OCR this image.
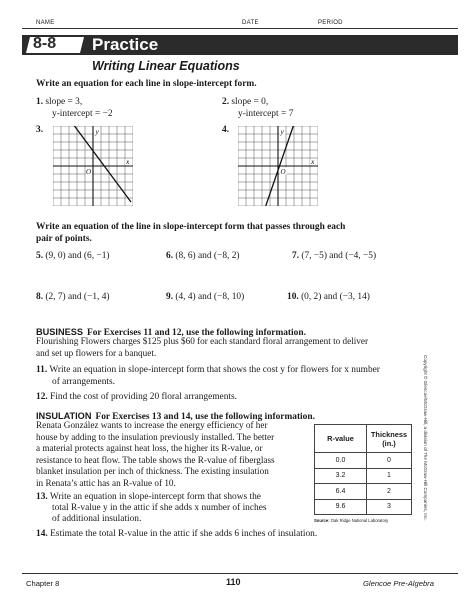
NAME	DATE	PERIOD
8-8 Practice
Writing Linear Equations
Write an equation for each line in slope-intercept form.
1. slope = 3,
y-intercept = −2
2. slope = 0,
y-intercept = 7
3.	4.
y
x
O
y
x
O
Write an equation of the line in slope-intercept form that passes through each
pair of points.
5. (9, 0) and (6, −1)	6. (8, 6) and (−8, 2)	7. (7, −5) and (−4, −5)
8. (2, 7) and (−1, 4)	9. (4, 4) and (−8, 10)	10. (0, 2) and (−3, 14)
BUSINESS For Exercises 11 and 12, use the following information.
Flourishing Flowers charges $125 plus $60 for each standard floral arrangement to deliver
and set up flowers for a banquet.
11. Write an equation in slope-intercept form that shows the cost y for flowers for x number
of arrangements.
12. Find the cost of providing 20 floral arrangements.
INSULATION For Exercises 13 and 14, use the following information.
Renata González wants to increase the energy efficiency of her
house by adding to the insulation previously installed. The better
a material protects against heat loss, the higher its R-value, or
resistance to heat flow. The table shows the R-value of fiberglass
blanket insulation per inch of thickness. The existing insulation
in Renata’s attic has an R-value of 10.
13. Write an equation in slope-intercept form that shows the
total R-value y in the attic if she adds x number of inches
of additional insulation.
14. Estimate the total R-value in the attic if she adds 6 inches of insulation.
R-value	Thickness
(in.)

0.0	0
3.2	1
6.4	2
9.6	3
Source: Oak Ridge National Laboratory	Copyright © Glencoe/McGraw-Hill, a division of The McGraw-Hill Companies, Inc.
Chapter 8	110	Glencoe Pre-Algebra
